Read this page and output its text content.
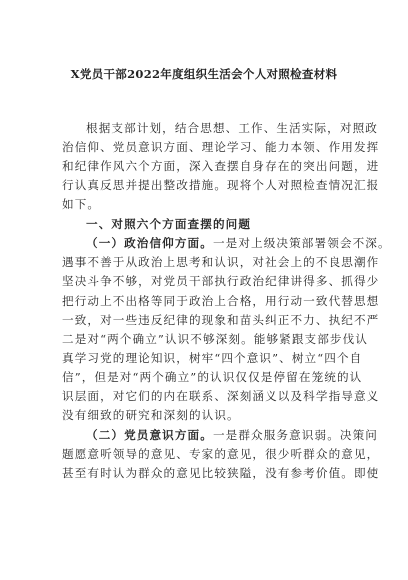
X党员干部2022年度组织生活会个人对照检查材料
根据支部计划，结合思想、工作、生活实际，对照政
治信仰、党员意识方面、理论学习、能力本领、作用发挥
和纪律作风六个方面，深入查摆自身存在的突出问题，进
行认真反思并提出整改措施。现将个人对照检查情况汇报
如下。
一、对照六个方面查摆的问题
（一）政治信仰方面。一是对上级决策部署领会不深。
遇事不善于从政治上思考和认识，对社会上的不良思潮作
坚决斗争不够，对党员干部执行政治纪律讲得多、抓得少
把行动上不出格等同于政治上合格，用行动一致代替思想
一致，对一些违反纪律的现象和苗头纠正不力、执纪不严
二是对“两个确立”认识不够深刻。能够紧跟支部步伐认
真学习党的理论知识，树牢“四个意识”、树立“四个自
信”，但是对“两个确立”的认识仅仅是停留在笼统的认
识层面，对它们的内在联系、深刻涵义以及科学指导意义
没有细致的研究和深刻的认识。
（二）党员意识方面。一是群众服务意识弱。决策问
题愿意听领导的意见、专家的意见，很少听群众的意见，
甚至有时认为群众的意见比较狭隘，没有参考价值。即使
